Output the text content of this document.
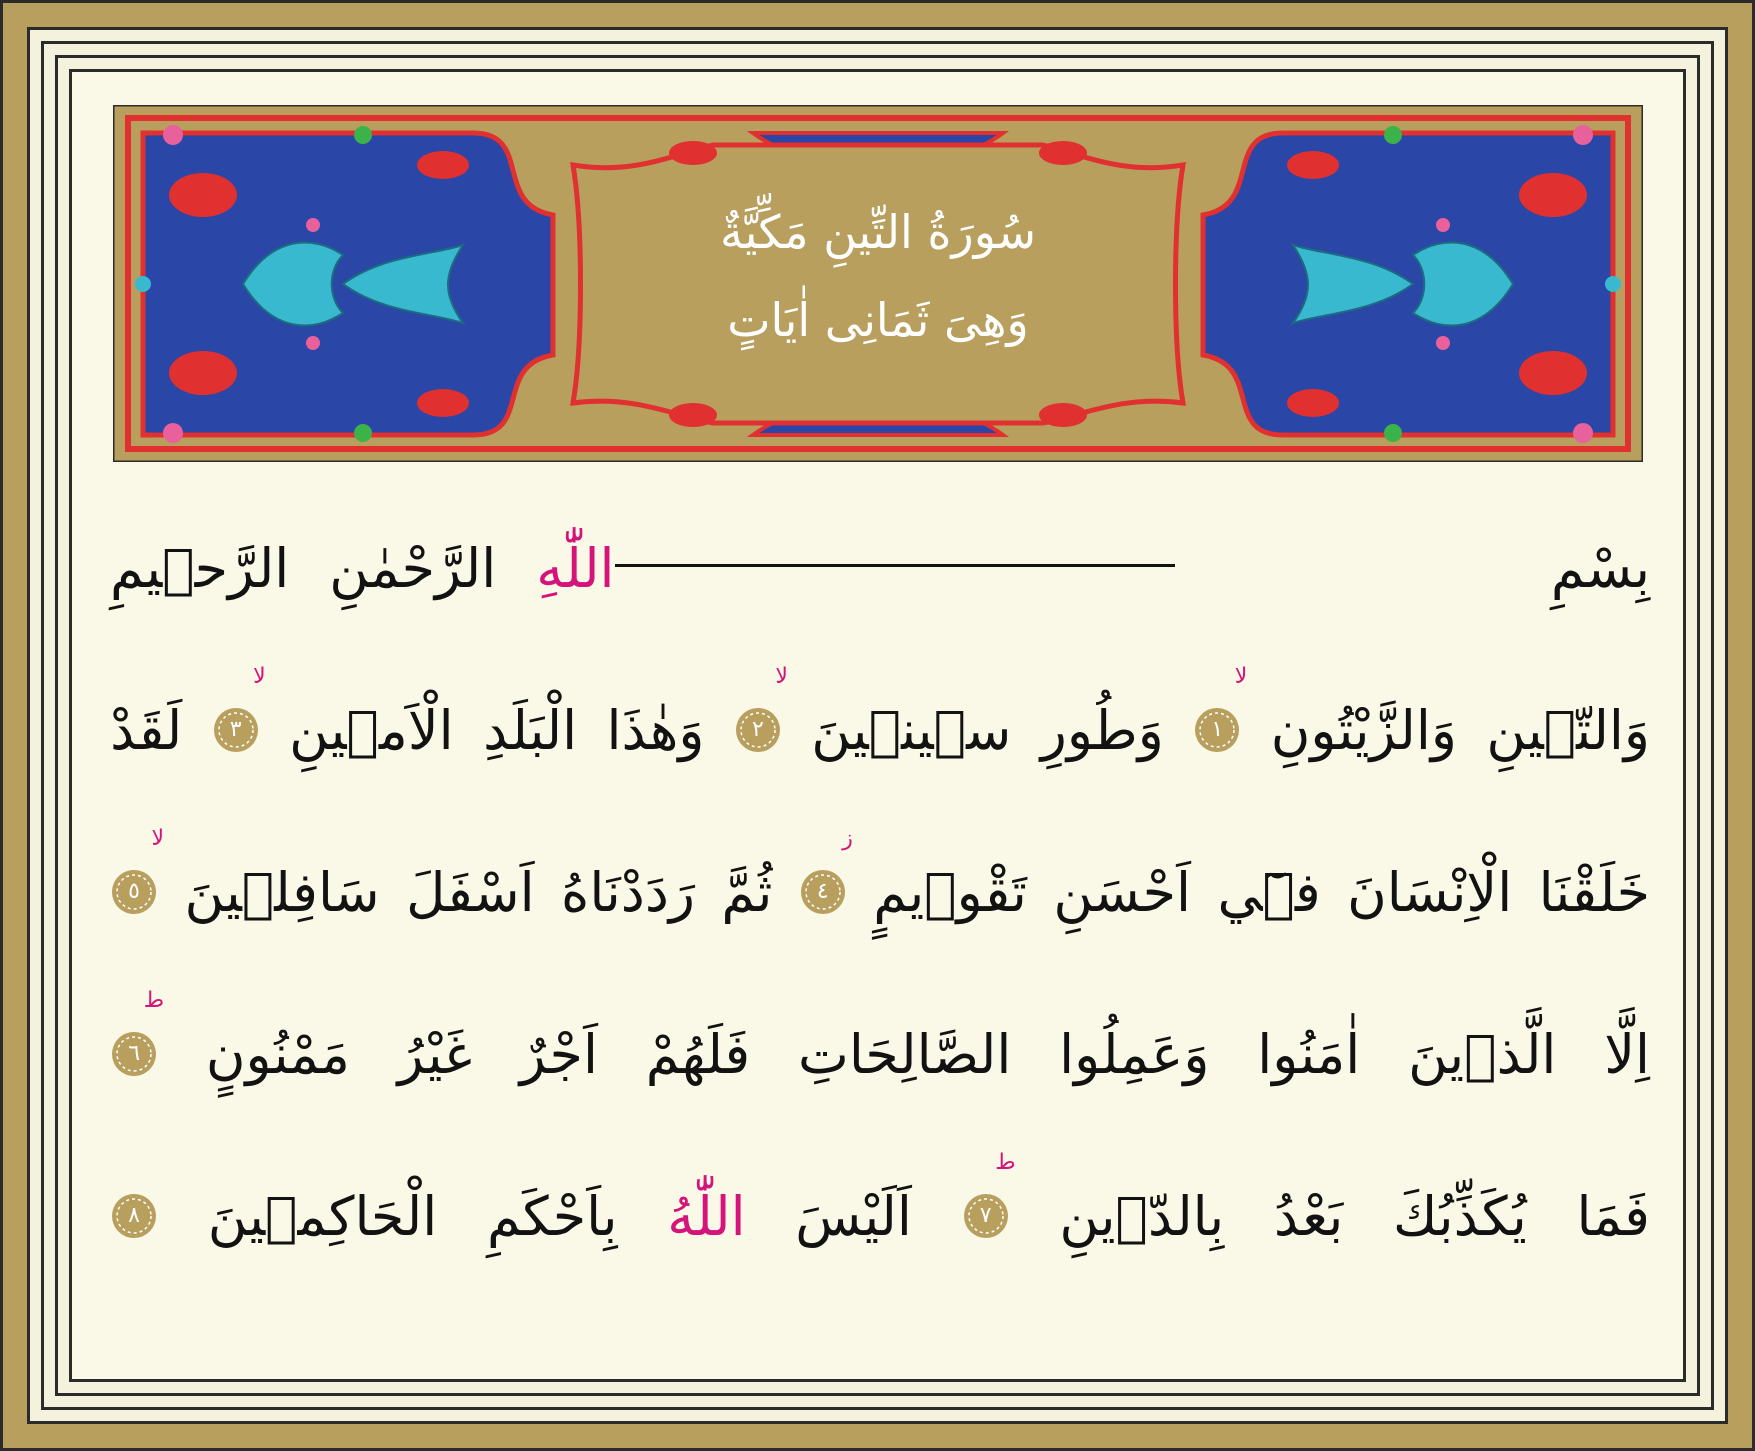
سُورَةُ التِّينِ مَكِّيَّةٌ
وَهِىَ ثَمَانِى اٰيَاتٍ
بِسْمِ
اللّٰهِ
الرَّحْمٰنِ
الرَّح۪يمِ
وَالتّ۪ينِ
وَالزَّيْتُونِ
١
لا
وَطُورِ
س۪ين۪ينَ
٢
لا
وَهٰذَا
الْبَلَدِ
الْاَم۪ينِ
٣
لا
لَقَدْ
خَلَقْنَا
الْاِنْسَانَ
ف۪ٓي
اَحْسَنِ
تَقْو۪يمٍ
٤
ز
ثُمَّ
رَدَدْنَاهُ
اَسْفَلَ
سَافِل۪ينَ
٥
لا
اِلَّا
الَّذ۪ينَ
اٰمَنُوا
وَعَمِلُوا
الصَّالِحَاتِ
فَلَهُمْ
اَجْرٌ
غَيْرُ
مَمْنُونٍ
٦
ط
فَمَا
يُكَذِّبُكَ
بَعْدُ
بِالدّ۪ينِ
٧
ط
اَلَيْسَ
اللّٰهُ
بِاَحْكَمِ
الْحَاكِم۪ينَ
٨
